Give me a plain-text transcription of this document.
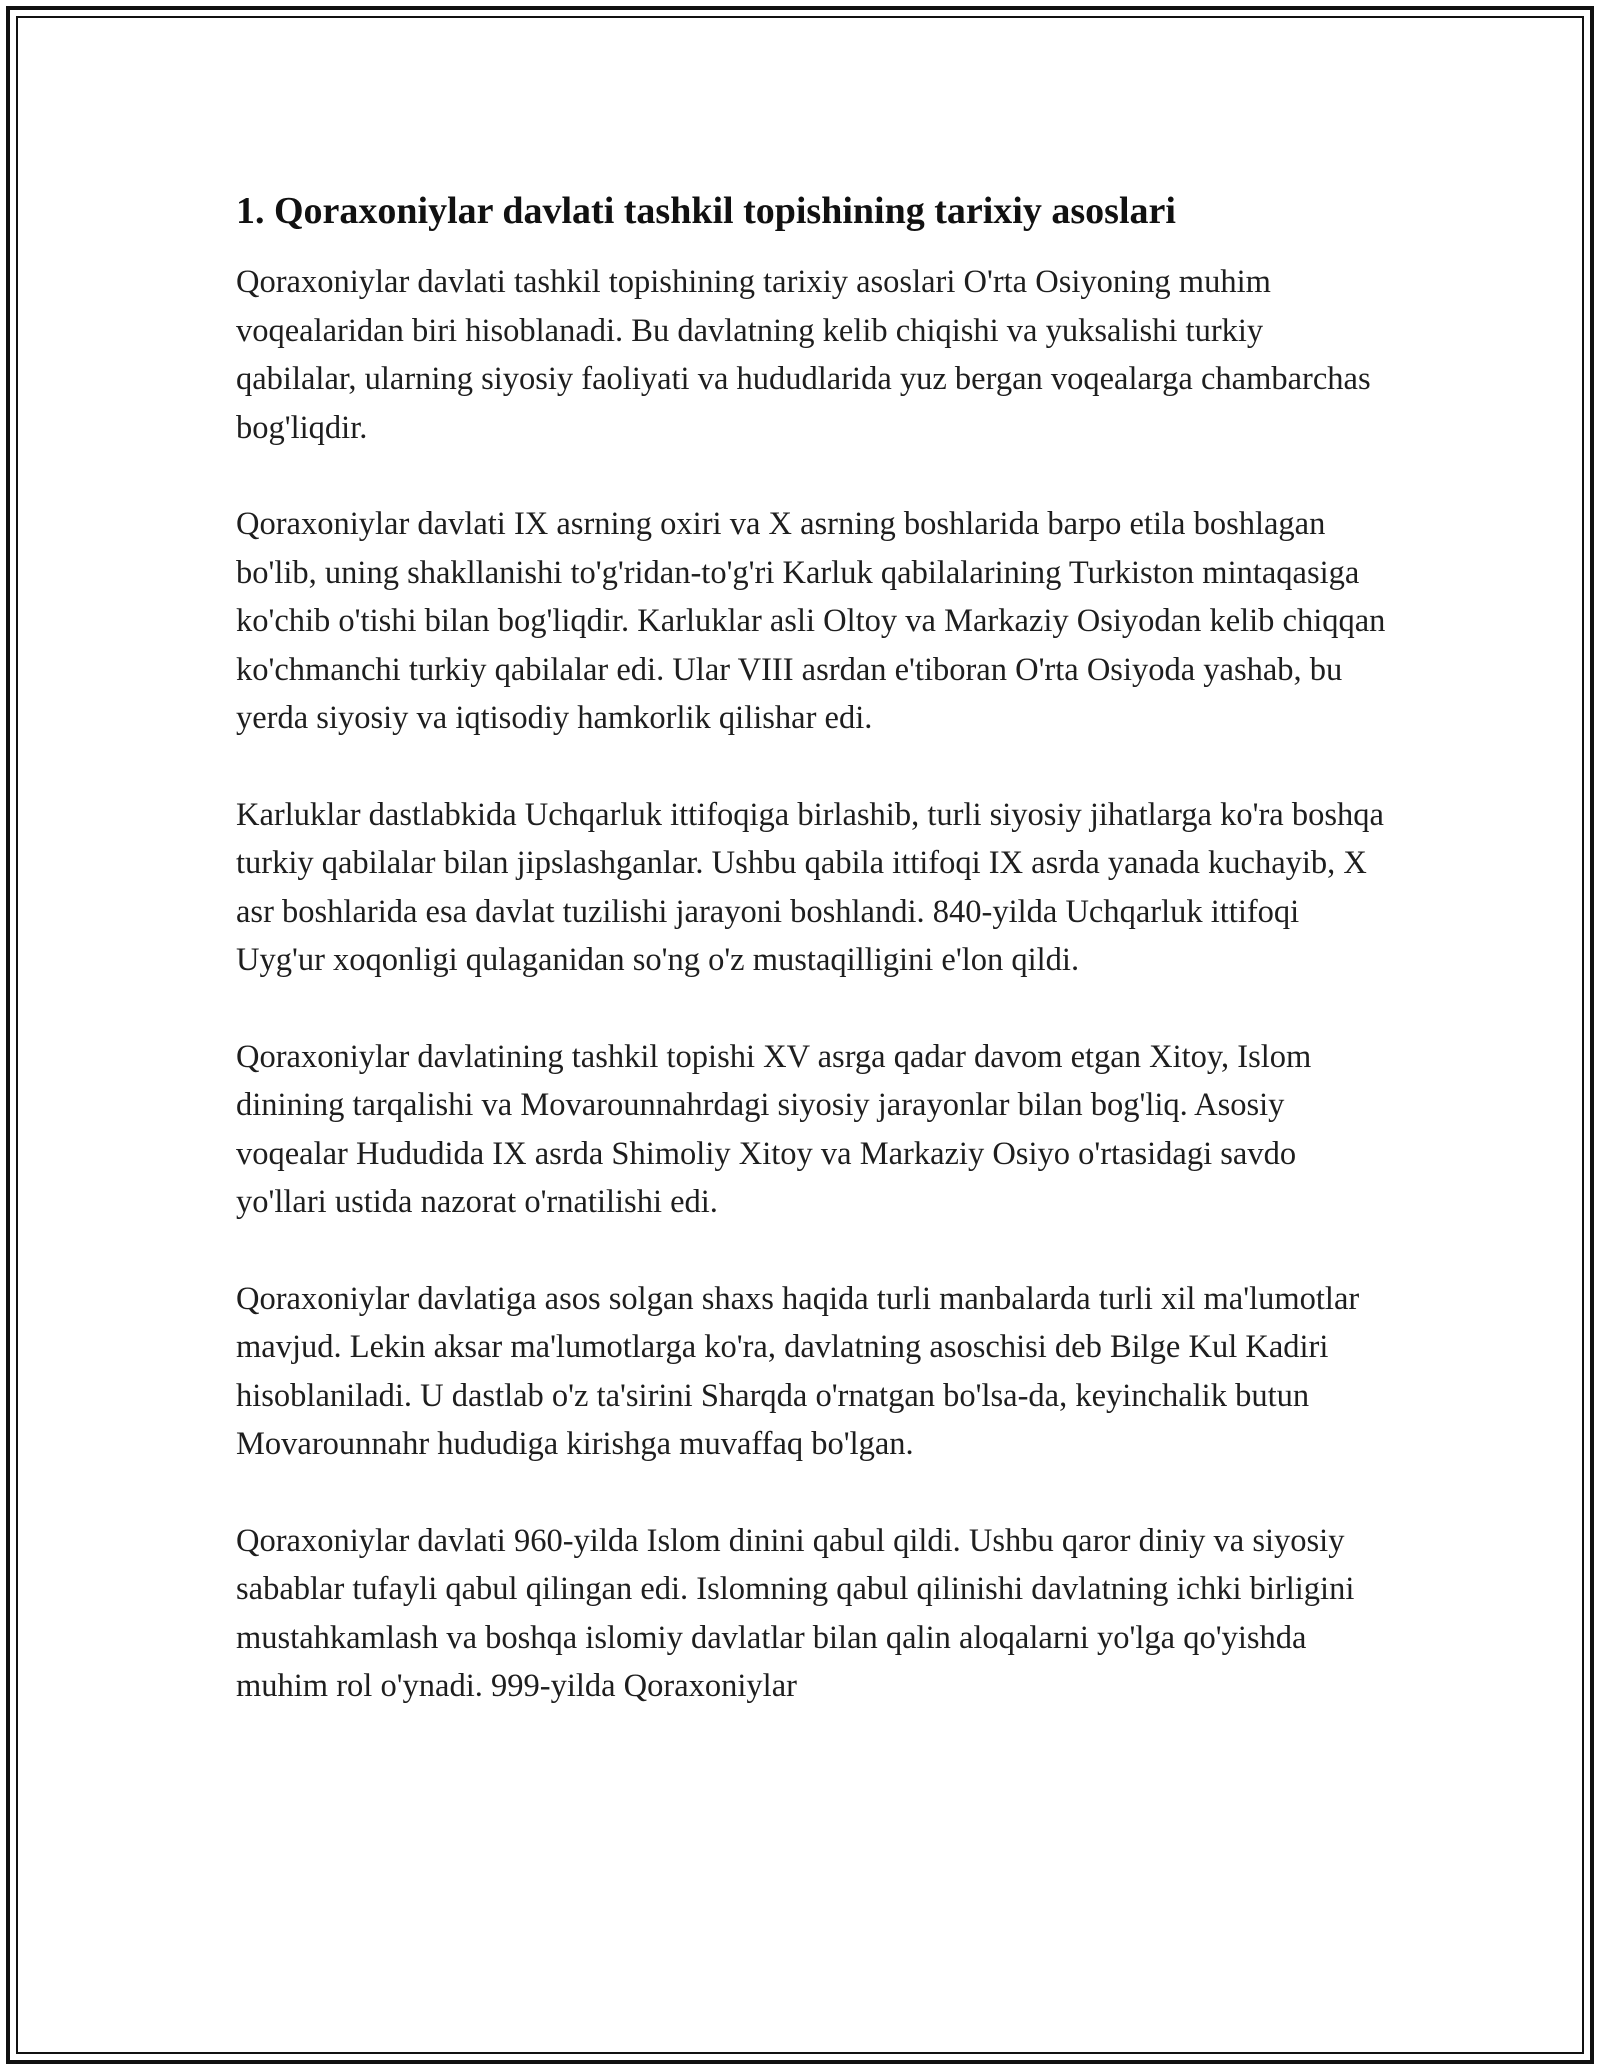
1. Qoraxoniylar davlati tashkil topishining tarixiy asoslari

Qoraxoniylar davlati tashkil topishining tarixiy asoslari O'rta Osiyoning muhim voqealaridan biri hisoblanadi. Bu davlatning kelib chiqishi va yuksalishi turkiy qabilalar, ularning siyosiy faoliyati va hududlarida yuz bergan voqealarga chambarchas bog'liqdir.

Qoraxoniylar davlati IX asrning oxiri va X asrning boshlarida barpo etila boshlagan bo'lib, uning shakllanishi to'g'ridan-to'g'ri Karluk qabilalarining Turkiston mintaqasiga ko'chib o'tishi bilan bog'liqdir. Karluklar asli Oltoy va Markaziy Osiyodan kelib chiqqan ko'chmanchi turkiy qabilalar edi. Ular VIII asrdan e'tiboran O'rta Osiyoda yashab, bu yerda siyosiy va iqtisodiy hamkorlik qilishar edi.

Karluklar dastlabkida Uchqarluk ittifoqiga birlashib, turli siyosiy jihatlarga ko'ra boshqa turkiy qabilalar bilan jipslashganlar. Ushbu qabila ittifoqi IX asrda yanada kuchayib, X asr boshlarida esa davlat tuzilishi jarayoni boshlandi. 840-yilda Uchqarluk ittifoqi Uyg'ur xoqonligi qulaganidan so'ng o'z mustaqilligini e'lon qildi.

Qoraxoniylar davlatining tashkil topishi XV asrga qadar davom etgan Xitoy, Islom dinining tarqalishi va Movarounnahrdagi siyosiy jarayonlar bilan bog'liq. Asosiy voqealar Hududida IX asrda Shimoliy Xitoy va Markaziy Osiyo o'rtasidagi savdo yo'llari ustida nazorat o'rnatilishi edi.

Qoraxoniylar davlatiga asos solgan shaxs haqida turli manbalarda turli xil ma'lumotlar mavjud. Lekin aksar ma'lumotlarga ko'ra, davlatning asoschisi deb Bilge Kul Kadiri hisoblaniladi. U dastlab o'z ta'sirini Sharqda o'rnatgan bo'lsa-da, keyinchalik butun Movarounnahr hududiga kirishga muvaffaq bo'lgan.

Qoraxoniylar davlati 960-yilda Islom dinini qabul qildi. Ushbu qaror diniy va siyosiy sabablar tufayli qabul qilingan edi. Islomning qabul qilinishi davlatning ichki birligini mustahkamlash va boshqa islomiy davlatlar bilan qalin aloqalarni yo'lga qo'yishda muhim rol o'ynadi. 999-yilda Qoraxoniylar
